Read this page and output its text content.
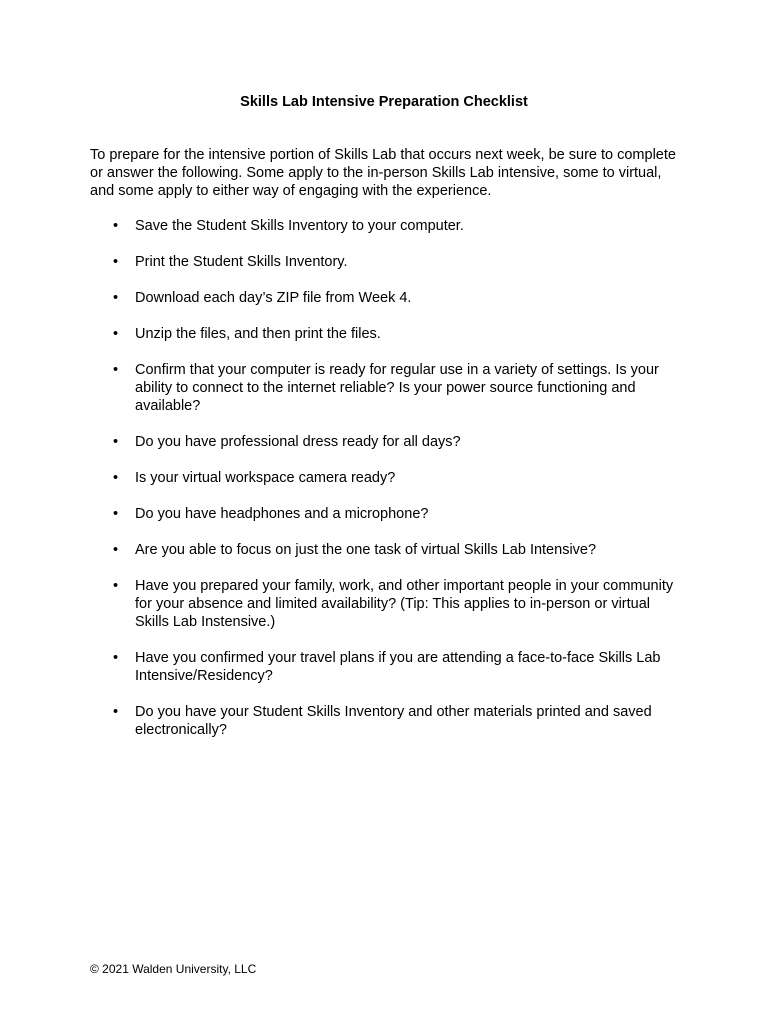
Skills Lab Intensive Preparation Checklist
To prepare for the intensive portion of Skills Lab that occurs next week, be sure to complete or answer the following. Some apply to the in-person Skills Lab intensive, some to virtual, and some apply to either way of engaging with the experience.
• Save the Student Skills Inventory to your computer.
• Print the Student Skills Inventory.
• Download each day’s ZIP file from Week 4.
• Unzip the files, and then print the files.
• Confirm that your computer is ready for regular use in a variety of settings. Is your ability to connect to the internet reliable? Is your power source functioning and available?
• Do you have professional dress ready for all days?
• Is your virtual workspace camera ready?
• Do you have headphones and a microphone?
• Are you able to focus on just the one task of virtual Skills Lab Intensive?
• Have you prepared your family, work, and other important people in your community for your absence and limited availability? (Tip: This applies to in-person or virtual Skills Lab Instensive.)
• Have you confirmed your travel plans if you are attending a face-to-face Skills Lab Intensive/Residency?
• Do you have your Student Skills Inventory and other materials printed and saved electronically?
© 2021 Walden University, LLC
